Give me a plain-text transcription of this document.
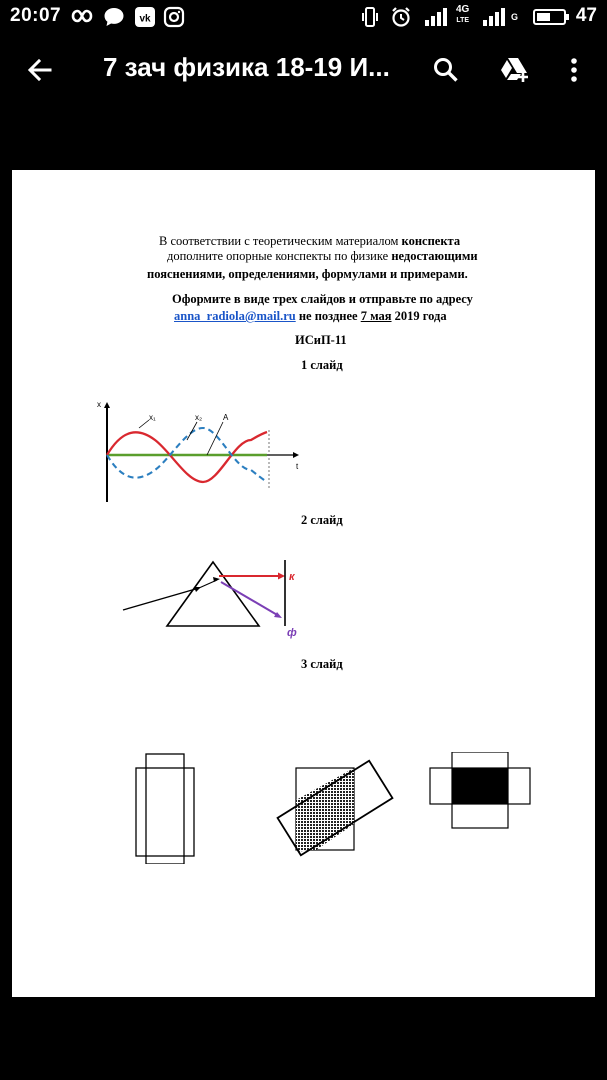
20:07	vk
4G
LTE	G	47
7 зач физика 18-19 И...
В соответствии с теоретическим материалом конспекта
дополните опорные конспекты по физике недостающими
пояснениями, определениями, формулами и примерами.
Оформите в виде трех слайдов и отправьте по адресу
anna_radiola@mail.ru не позднее 7 мая 2019 года
ИСиП-11
1 слайд
x
t
x₁	x₂	A
2 слайд
к
ф
3 слайд
